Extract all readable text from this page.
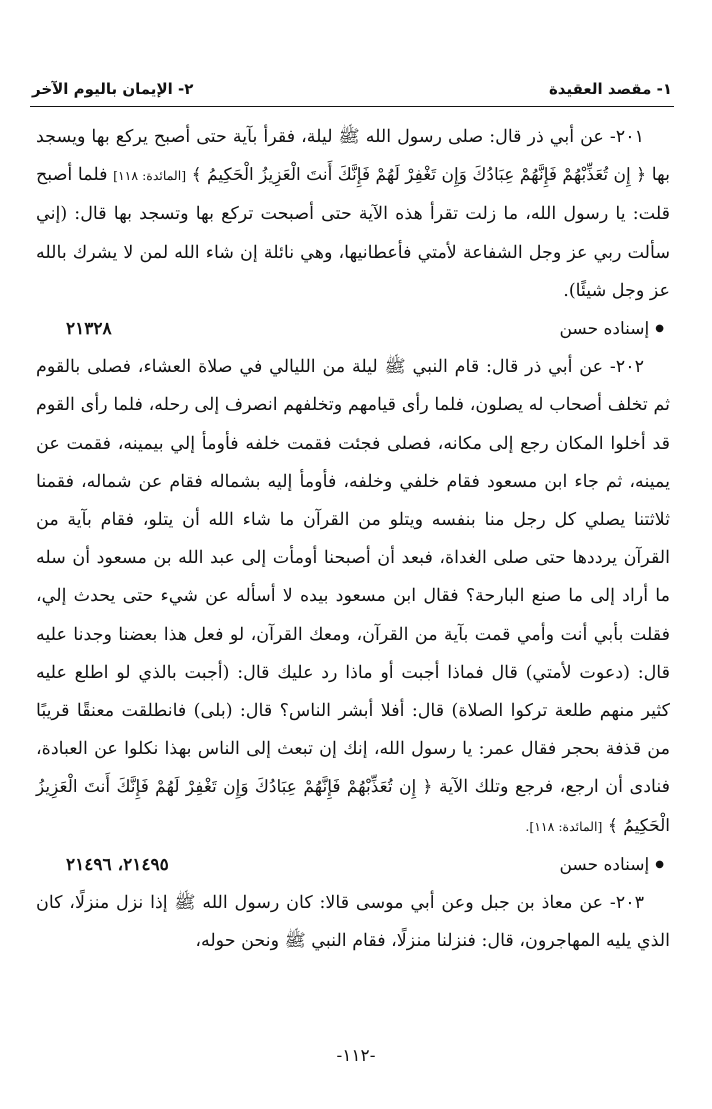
١- مقصد العقيدة
٢- الإيمان باليوم الآخر

٢٠١- عن أبي ذر قال: صلى رسول الله ﷺ ليلة، فقرأ بآية حتى أصبح يركع بها ويسجد بها ﴿ إِن تُعَذِّبْهُمْ فَإِنَّهُمْ عِبَادُكَ وَإِن تَغْفِرْ لَهُمْ فَإِنَّكَ أَنتَ الْعَزِيزُ الْحَكِيمُ ﴾ [المائدة: ١١٨] فلما أصبح قلت: يا رسول الله، ما زلت تقرأ هذه الآية حتى أصبحت تركع بها وتسجد بها قال: (إني سألت ربي عز وجل الشفاعة لأمتي فأعطانيها، وهي نائلة إن شاء الله لمن لا يشرك بالله عز وجل شيئًا).

●إسناده حسن
٢١٣٢٨

٢٠٢- عن أبي ذر قال: قام النبي ﷺ ليلة من الليالي في صلاة العشاء، فصلى بالقوم ثم تخلف أصحاب له يصلون، فلما رأى قيامهم وتخلفهم انصرف إلى رحله، فلما رأى القوم قد أخلوا المكان رجع إلى مكانه، فصلى فجئت فقمت خلفه فأومأ إلي بيمينه، فقمت عن يمينه، ثم جاء ابن مسعود فقام خلفي وخلفه، فأومأ إليه بشماله فقام عن شماله، فقمنا ثلاثتنا يصلي كل رجل منا بنفسه ويتلو من القرآن ما شاء الله أن يتلو، فقام بآية من القرآن يرددها حتى صلى الغداة، فبعد أن أصبحنا أومأت إلى عبد الله بن مسعود أن سله ما أراد إلى ما صنع البارحة؟ فقال ابن مسعود بيده لا أسأله عن شيء حتى يحدث إلي، فقلت بأبي أنت وأمي قمت بآية من القرآن، ومعك القرآن، لو فعل هذا بعضنا وجدنا عليه قال: (دعوت لأمتي) قال فماذا أجبت أو ماذا رد عليك قال: (أجبت بالذي لو اطلع عليه كثير منهم طلعة تركوا الصلاة) قال: أفلا أبشر الناس؟ قال: (بلى) فانطلقت معنقًا قريبًا من قذفة بحجر فقال عمر: يا رسول الله، إنك إن تبعث إلى الناس بهذا نكلوا عن العبادة، فنادى أن ارجع، فرجع وتلك الآية ﴿ إِن تُعَذِّبْهُمْ فَإِنَّهُمْ عِبَادُكَ وَإِن تَغْفِرْ لَهُمْ فَإِنَّكَ أَنتَ الْعَزِيزُ الْحَكِيمُ ﴾ [المائدة: ١١٨].

●إسناده حسن
٢١٤٩٥، ٢١٤٩٦

٢٠٣- عن معاذ بن جبل وعن أبي موسى قالا: كان رسول الله ﷺ إذا نزل منزلًا، كان الذي يليه المهاجرون، قال: فنزلنا منزلًا، فقام النبي ﷺ ونحن حوله،

-١١٢-
